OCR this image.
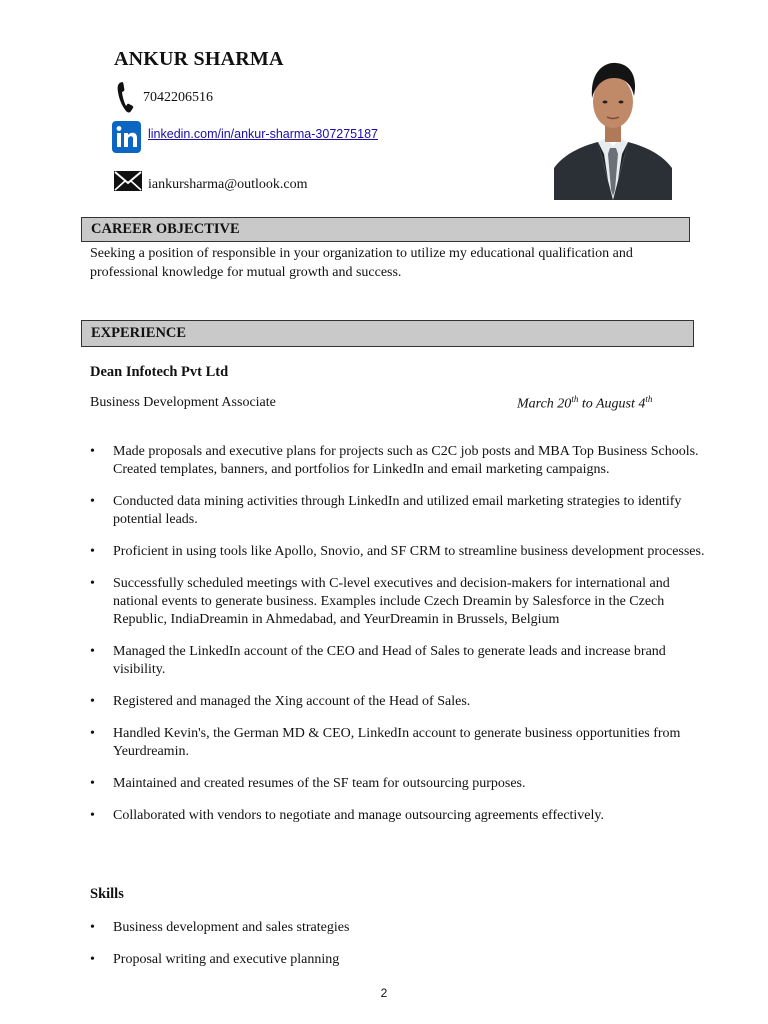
ANKUR SHARMA
7042206516
linkedin.com/in/ankur-sharma-307275187
iankursharma@outlook.com
CAREER OBJECTIVE
Seeking a position of responsible in your organization to utilize my educational qualification and professional knowledge for mutual growth and success.
EXPERIENCE
Dean Infotech Pvt Ltd
Business Development Associate	March 20th to August 4th
• Made proposals and executive plans for projects such as C2C job posts and MBA Top Business Schools. Created templates, banners, and portfolios for LinkedIn and email marketing campaigns.
• Conducted data mining activities through LinkedIn and utilized email marketing strategies to identify potential leads.
• Proficient in using tools like Apollo, Snovio, and SF CRM to streamline business development processes.
• Successfully scheduled meetings with C-level executives and decision-makers for international and national events to generate business. Examples include Czech Dreamin by Salesforce in the Czech Republic, IndiaDreamin in Ahmedabad, and YeurDreamin in Brussels, Belgium
• Managed the LinkedIn account of the CEO and Head of Sales to generate leads and increase brand visibility.
• Registered and managed the Xing account of the Head of Sales.
• Handled Kevin's, the German MD & CEO, LinkedIn account to generate business opportunities from Yeurdreamin.
• Maintained and created resumes of the SF team for outsourcing purposes.
• Collaborated with vendors to negotiate and manage outsourcing agreements effectively.
Skills
• Business development and sales strategies
• Proposal writing and executive planning
2
